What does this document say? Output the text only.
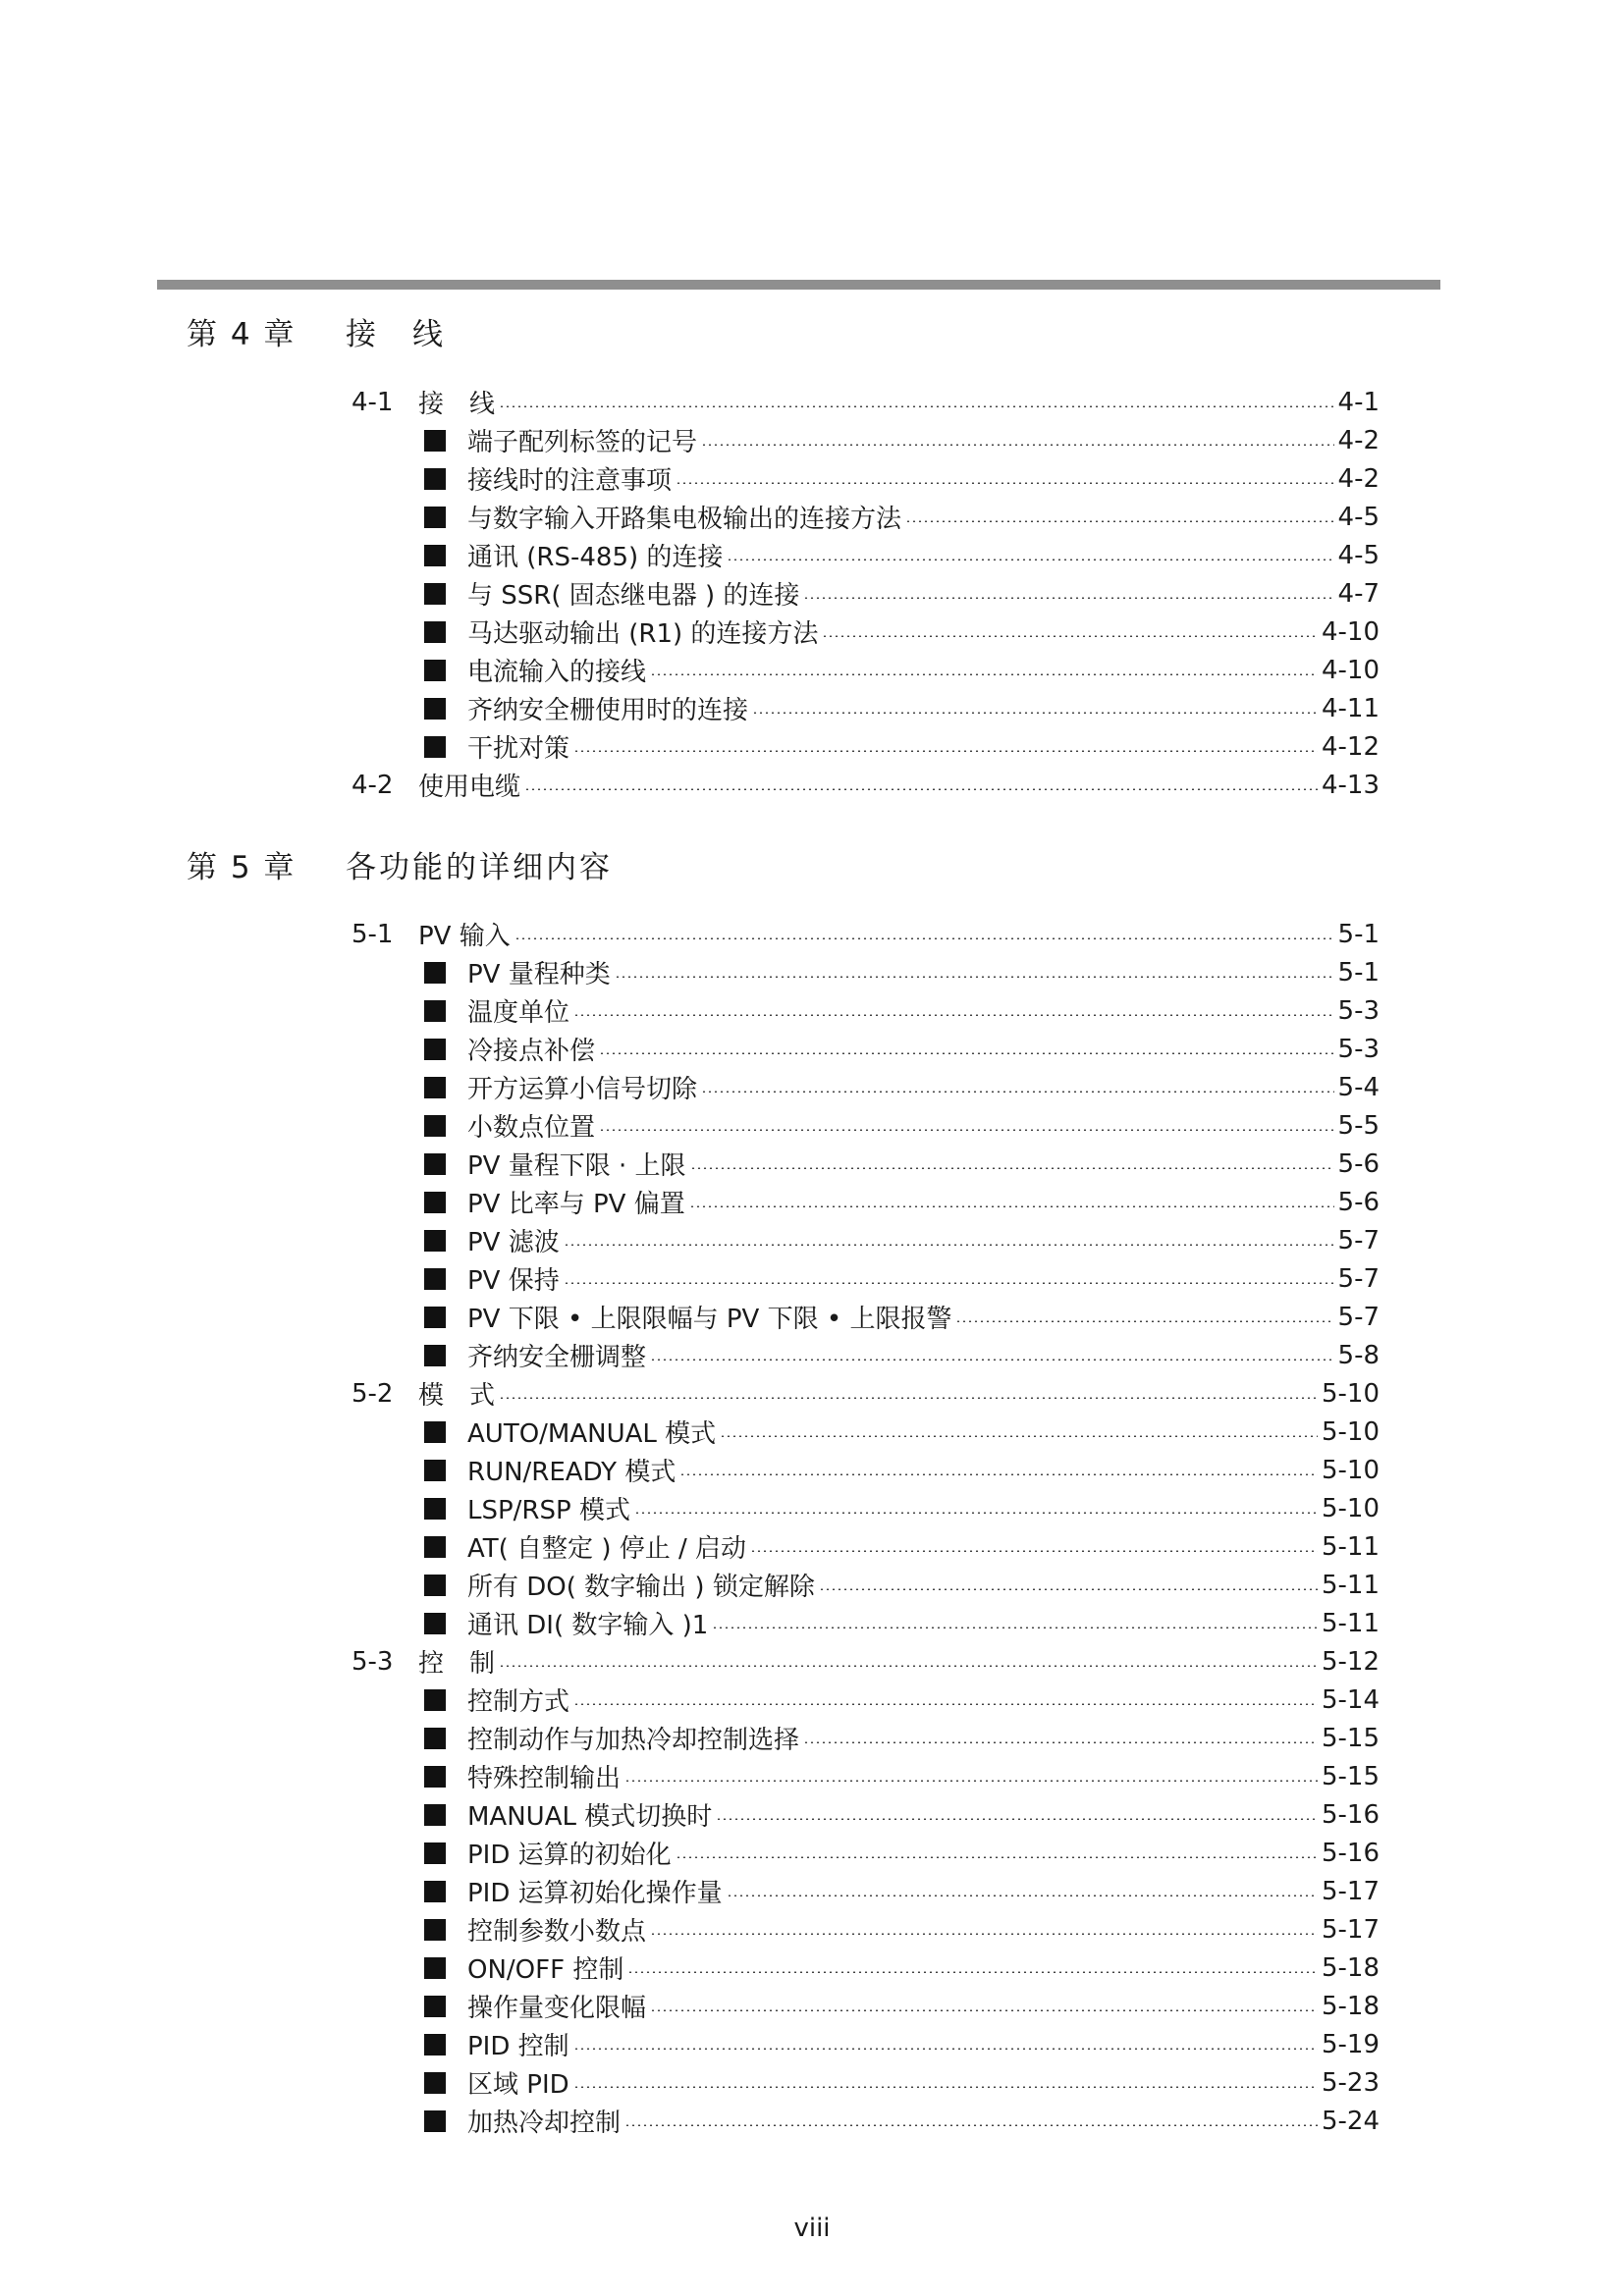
第 4 章	接　线
4-1 接　线	4-1
端子配列标签的记号	4-2
接线时的注意事项	4-2
与数字输入开路集电极输出的连接方法	4-5
通讯 (RS-485) 的连接	4-5
与 SSR( 固态继电器 ) 的连接	4-7
马达驱动输出 (R1) 的连接方法	4-10
电流输入的接线	4-10
齐纳安全栅使用时的连接	4-11
干扰对策	4-12
4-2 使用电缆	4-13
第 5 章	各功能的详细内容
5-1 PV 输入	5-1
PV 量程种类	5-1
温度单位	5-3
冷接点补偿	5-3
开方运算小信号切除	5-4
小数点位置	5-5
PV 量程下限 · 上限	5-6
PV 比率与 PV 偏置	5-6
PV 滤波	5-7
PV 保持	5-7
PV 下限 • 上限限幅与 PV 下限 • 上限报警	5-7
齐纳安全栅调整	5-8
5-2 模　式	5-10
AUTO/MANUAL 模式	5-10
RUN/READY 模式	5-10
LSP/RSP 模式	5-10
AT( 自整定 ) 停止 / 启动	5-11
所有 DO( 数字输出 ) 锁定解除	5-11
通讯 DI( 数字输入 )1	5-11
5-3 控　制	5-12
控制方式	5-14
控制动作与加热冷却控制选择	5-15
特殊控制输出	5-15
MANUAL 模式切换时	5-16
PID 运算的初始化	5-16
PID 运算初始化操作量	5-17
控制参数小数点	5-17
ON/OFF 控制	5-18
操作量变化限幅	5-18
PID 控制	5-19
区域 PID	5-23
加热冷却控制	5-24
viii
